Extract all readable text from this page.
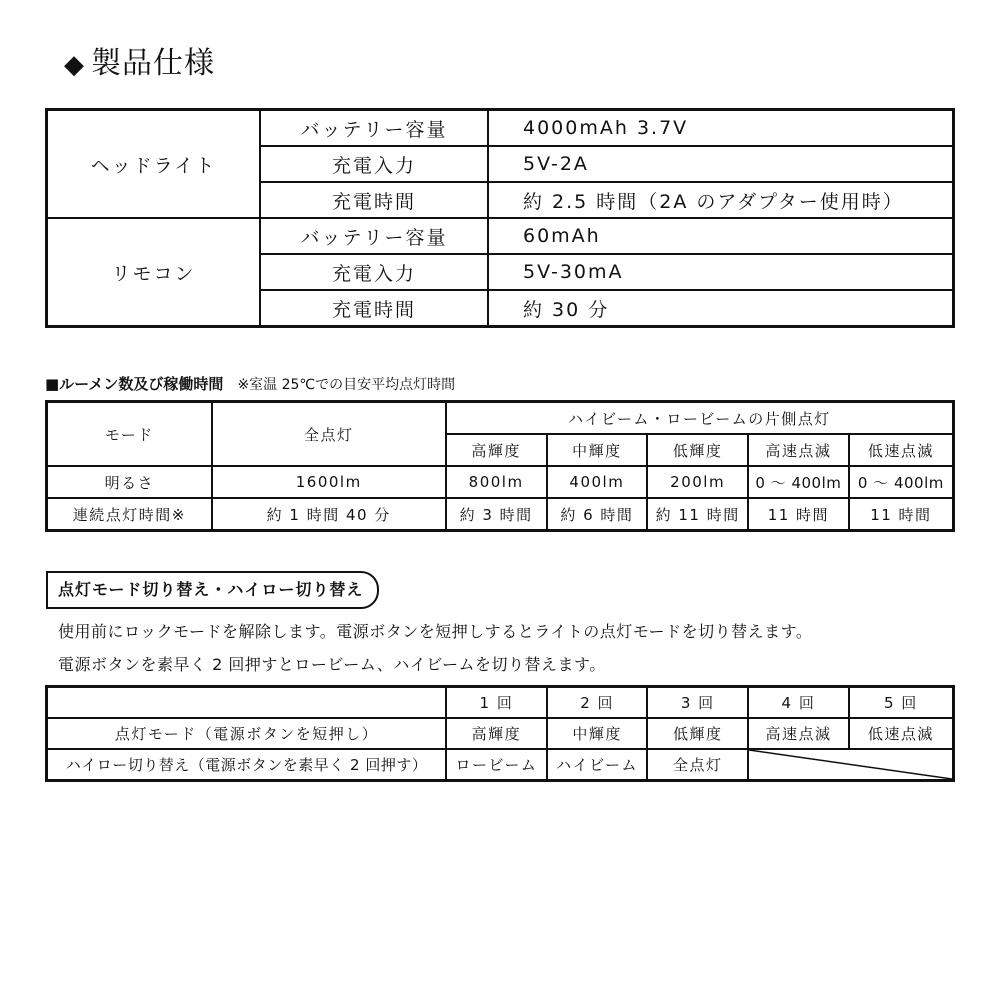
◆ 製品仕様
ヘッドライト	バッテリー容量	4000mAh 3.7V
	充電入力	5V-2A
	充電時間	約 2.5 時間（2A のアダプター使用時）
リモコン	バッテリー容量	60mAh
	充電入力	5V-30mA
	充電時間	約 30 分
■ルーメン数及び稼働時間 ※室温 25℃での目安平均点灯時間
モード	全点灯	ハイビーム・ロービームの片側点灯				
		高輝度	中輝度	低輝度	高速点滅	低速点滅
明るさ	1600lm	800lm	400lm	200lm	0 ～ 400lm	0 ～ 400lm
連続点灯時間※	約 1 時間 40 分	約 3 時間	約 6 時間	約 11 時間	11 時間	11 時間
点灯モード切り替え・ハイロー切り替え
使用前にロックモードを解除します。電源ボタンを短押しするとライトの点灯モードを切り替えます。
電源ボタンを素早く 2 回押すとロービーム、ハイビームを切り替えます。
	1 回	2 回	3 回	4 回	5 回
点灯モード（電源ボタンを短押し）	高輝度	中輝度	低輝度	高速点滅	低速点滅
ハイロー切り替え（電源ボタンを素早く 2 回押す）	ロービーム	ハイビーム	全点灯		
